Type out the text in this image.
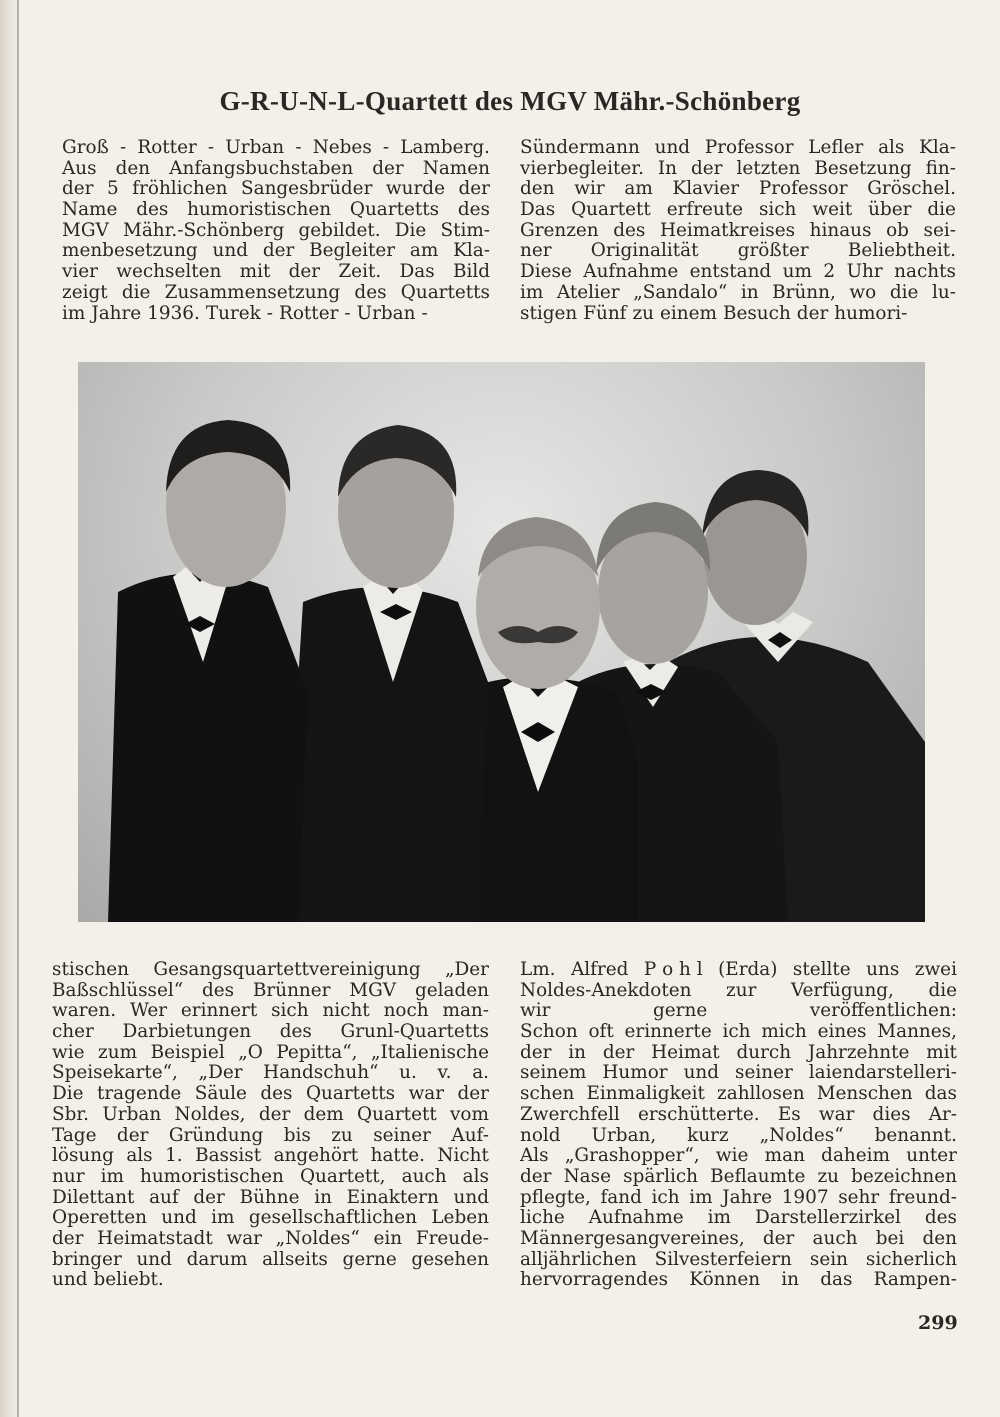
G-R-U-N-L-Quartett des MGV Mähr.-Schönberg
Groß - Rotter - Urban - Nebes - Lamberg.
Aus den Anfangsbuchstaben der Namen
der 5 fröhlichen Sangesbrüder wurde der
Name des humoristischen Quartetts des
MGV Mähr.-Schönberg gebildet. Die Stim-
menbesetzung und der Begleiter am Kla-
vier wechselten mit der Zeit. Das Bild
zeigt die Zusammensetzung des Quartetts
im Jahre 1936. Turek - Rotter - Urban -
Sündermann und Professor Lefler als Kla-
vierbegleiter. In der letzten Besetzung fin-
den wir am Klavier Professor Gröschel.
Das Quartett erfreute sich weit über die
Grenzen des Heimatkreises hinaus ob sei-
ner Originalität größter Beliebtheit.
Diese Aufnahme entstand um 2 Uhr nachts
im Atelier „Sandalo“ in Brünn, wo die lu-
stigen Fünf zu einem Besuch der humori-
stischen Gesangsquartettvereinigung „Der
Baßschlüssel“ des Brünner MGV geladen
waren. Wer erinnert sich nicht noch man-
cher Darbietungen des Grunl-Quartetts
wie zum Beispiel „O Pepitta“, „Italienische
Speisekarte“, „Der Handschuh“ u. v. a.
Die tragende Säule des Quartetts war der
Sbr. Urban Noldes, der dem Quartett vom
Tage der Gründung bis zu seiner Auf-
lösung als 1. Bassist angehört hatte. Nicht
nur im humoristischen Quartett, auch als
Dilettant auf der Bühne in Einaktern und
Operetten und im gesellschaftlichen Leben
der Heimatstadt war „Noldes“ ein Freude-
bringer und darum allseits gerne gesehen
und beliebt.
Lm. Alfred P o h l (Erda) stellte uns zwei
Noldes-Anekdoten zur Verfügung, die
wir	gerne	veröffentlichen:
Schon oft erinnerte ich mich eines Mannes,
der in der Heimat durch Jahrzehnte mit
seinem Humor und seiner laiendarstelleri-
schen Einmaligkeit zahllosen Menschen das
Zwerchfell erschütterte. Es war dies Ar-
nold Urban, kurz „Noldes“ benannt.
Als „Grashopper“, wie man daheim unter
der Nase spärlich Beflaumte zu bezeichnen
pflegte, fand ich im Jahre 1907 sehr freund-
liche Aufnahme im Darstellerzirkel des
Männergesangvereines, der auch bei den
alljährlichen Silvesterfeiern sein sicherlich
hervorragendes Können in das Rampen-

299
